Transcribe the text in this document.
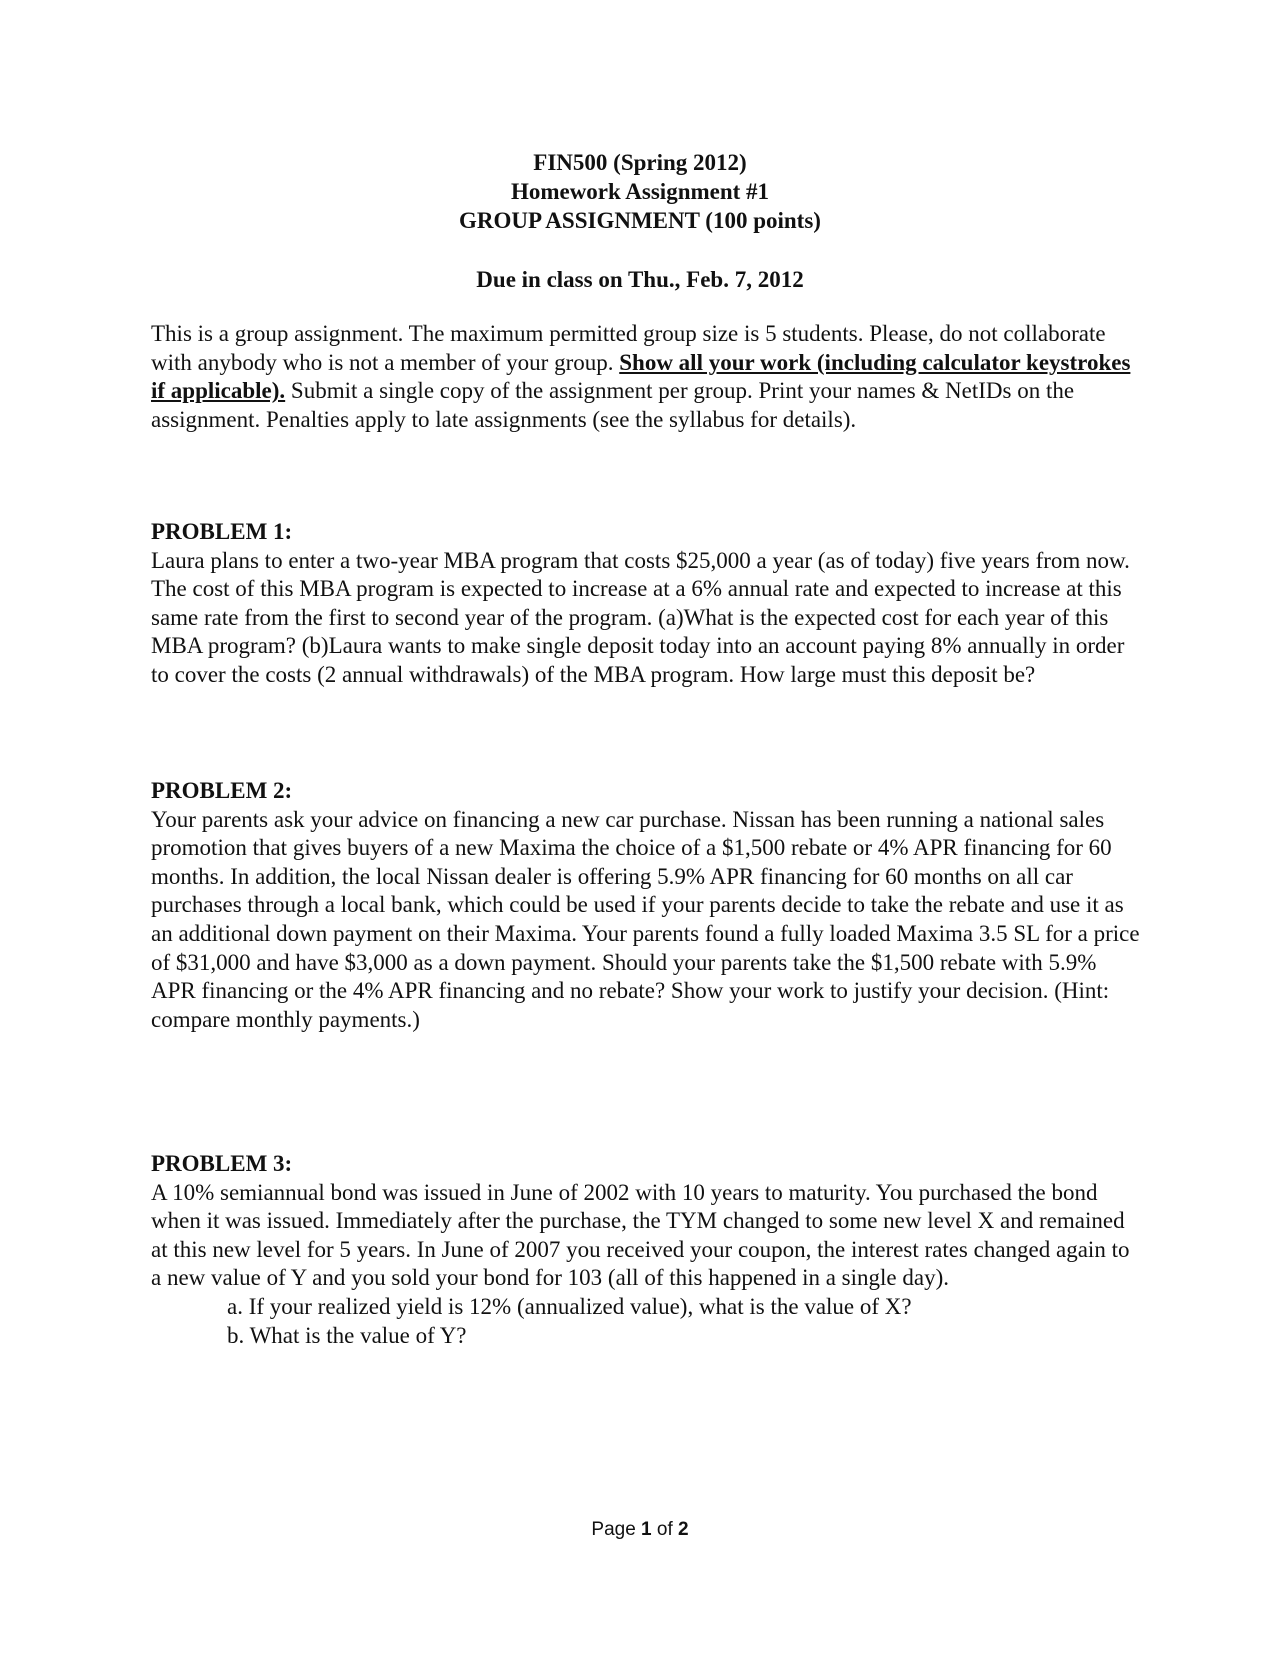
FIN500 (Spring 2012)
Homework Assignment #1
GROUP ASSIGNMENT (100 points)
Due in class on Thu., Feb. 7, 2012
This is a group assignment. The maximum permitted group size is 5 students. Please, do not collaborate with anybody who is not a member of your group. Show all your work (including calculator keystrokes if applicable). Submit a single copy of the assignment per group. Print your names & NetIDs on the assignment. Penalties apply to late assignments (see the syllabus for details).
PROBLEM 1:
Laura plans to enter a two-year MBA program that costs $25,000 a year (as of today) five years from now. The cost of this MBA program is expected to increase at a 6% annual rate and expected to increase at this same rate from the first to second year of the program. (a)What is the expected cost for each year of this MBA program? (b)Laura wants to make single deposit today into an account paying 8% annually in order to cover the costs (2 annual withdrawals) of the MBA program. How large must this deposit be?
PROBLEM 2:
Your parents ask your advice on financing a new car purchase. Nissan has been running a national sales promotion that gives buyers of a new Maxima the choice of a $1,500 rebate or 4% APR financing for 60 months. In addition, the local Nissan dealer is offering 5.9% APR financing for 60 months on all car purchases through a local bank, which could be used if your parents decide to take the rebate and use it as an additional down payment on their Maxima. Your parents found a fully loaded Maxima 3.5 SL for a price of $31,000 and have $3,000 as a down payment. Should your parents take the $1,500 rebate with 5.9% APR financing or the 4% APR financing and no rebate? Show your work to justify your decision. (Hint: compare monthly payments.)
PROBLEM 3:
A 10% semiannual bond was issued in June of 2002 with 10 years to maturity. You purchased the bond when it was issued. Immediately after the purchase, the TYM changed to some new level X and remained at this new level for 5 years. In June of 2007 you received your coupon, the interest rates changed again to a new value of Y and you sold your bond for 103 (all of this happened in a single day).
a. If your realized yield is 12% (annualized value), what is the value of X?
b. What is the value of Y?
Page 1 of 2
